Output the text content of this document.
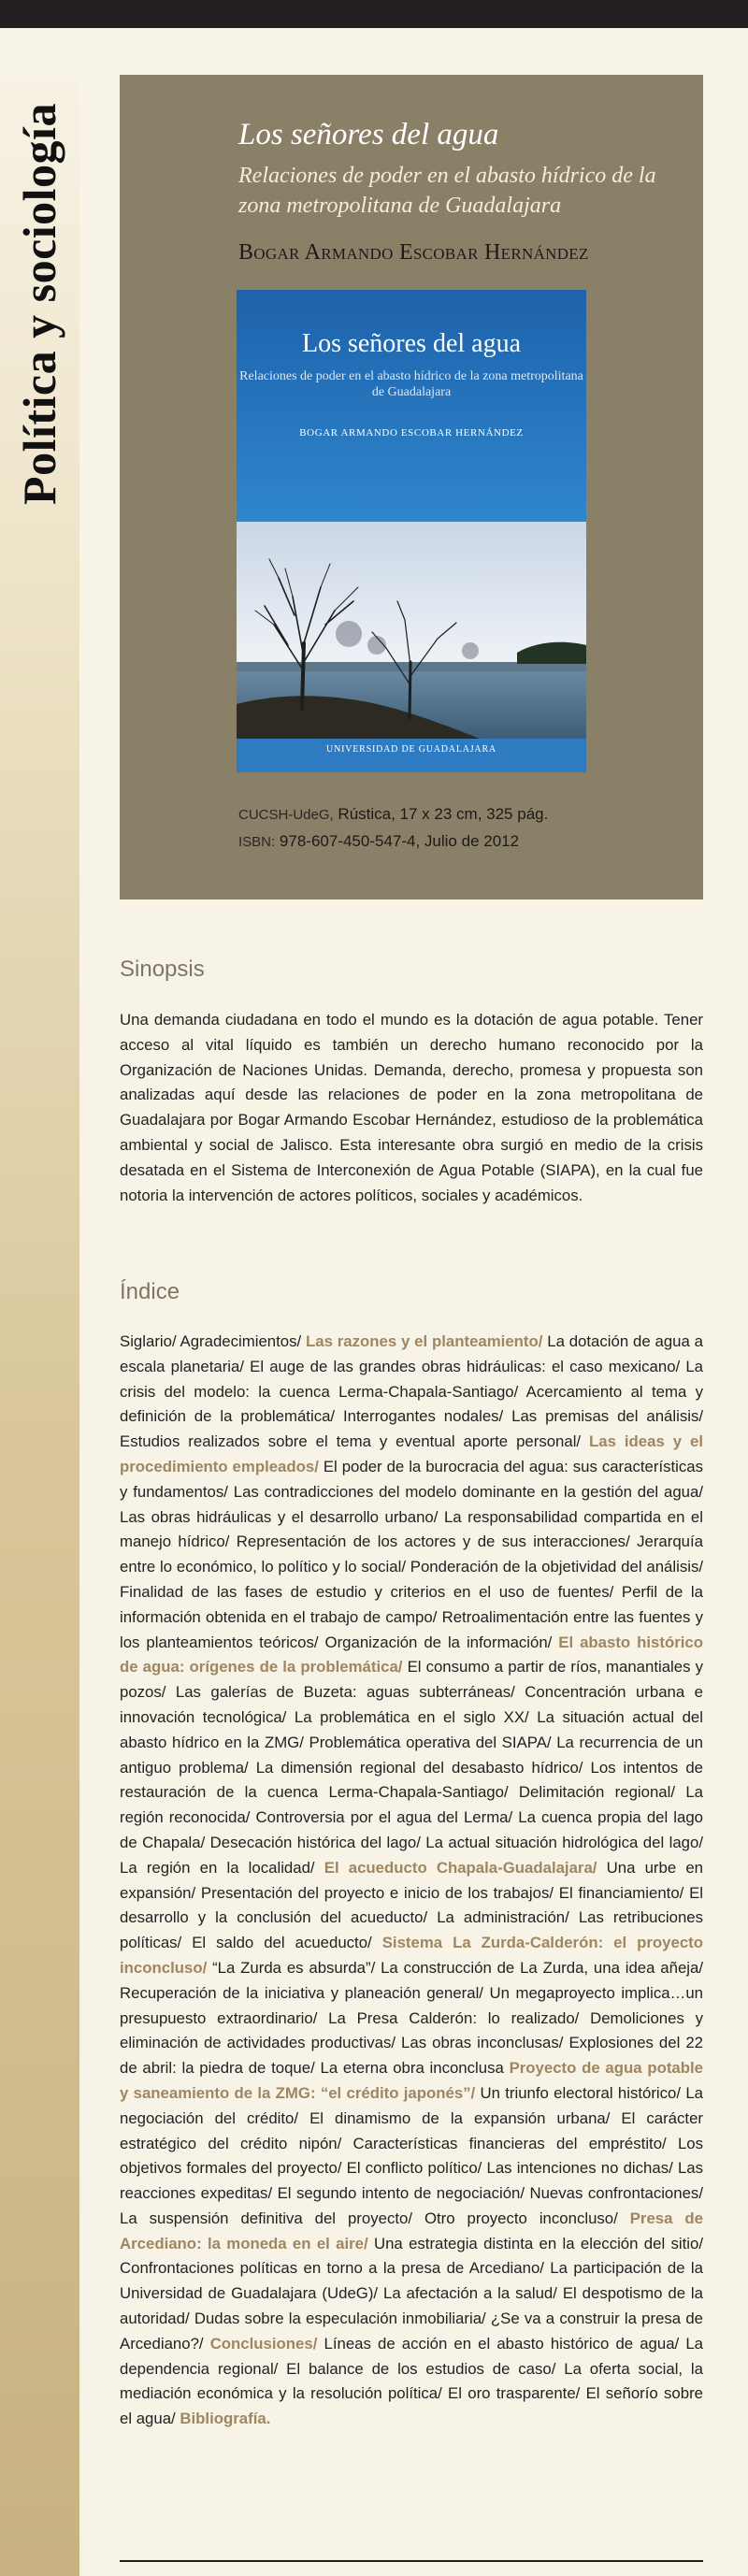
Política y sociología	Los señores del agua
Relaciones de poder en el abasto hídrico de la zona metropolitana de Guadalajara
Bogar Armando Escobar Hernández
Los señores del agua
Relaciones de poder en el abasto hídrico de la zona metropolitana de Guadalajara
BOGAR ARMANDO ESCOBAR HERNÁNDEZ
UNIVERSIDAD DE GUADALAJARA
CUCSH-UdeG, Rústica, 17 x 23 cm, 325 pág.
ISBN: 978-607-450-547-4, Julio de 2012
Sinopsis
Una demanda ciudadana en todo el mundo es la dotación de agua potable. Tener acceso al vital líquido es también un derecho humano reconocido por la Organización de Naciones Unidas. Demanda, derecho, promesa y propuesta son analizadas aquí desde las relaciones de poder en la zona metropolitana de Guadalajara por Bogar Armando Escobar Hernández, estudioso de la problemática ambiental y social de Jalisco. Esta interesante obra surgió en medio de la crisis desatada en el Sistema de Interconexión de Agua Potable (SIAPA), en la cual fue notoria la intervención de actores políticos, sociales y académicos.
Índice
Siglario/ Agradecimientos/ Las razones y el planteamiento/ La dotación de agua a escala planetaria/ El auge de las grandes obras hidráulicas: el caso mexicano/ La crisis del modelo: la cuenca Lerma-Chapala-Santiago/ Acercamiento al tema y definición de la problemática/ Interrogantes nodales/ Las premisas del análisis/ Estudios realizados sobre el tema y eventual aporte personal/ Las ideas y el procedimiento empleados/ El poder de la burocracia del agua: sus características y fundamentos/ Las contradicciones del modelo dominante en la gestión del agua/ Las obras hidráulicas y el desarrollo urbano/ La responsabilidad compartida en el manejo hídrico/ Representación de los actores y de sus interacciones/ Jerarquía entre lo económico, lo político y lo social/ Ponderación de la objetividad del análisis/ Finalidad de las fases de estudio y criterios en el uso de fuentes/ Perfil de la información obtenida en el trabajo de campo/ Retroalimentación entre las fuentes y los planteamientos teóricos/ Organización de la información/ El abasto histórico de agua: orígenes de la problemática/ El consumo a partir de ríos, manantiales y pozos/ Las galerías de Buzeta: aguas subterráneas/ Concentración urbana e innovación tecnológica/ La problemática en el siglo XX/ La situación actual del abasto hídrico en la ZMG/ Problemática operativa del SIAPA/ La recurrencia de un antiguo problema/ La dimensión regional del desabasto hídrico/ Los intentos de restauración de la cuenca Lerma-Chapala-Santiago/ Delimitación regional/ La región reconocida/ Controversia por el agua del Lerma/ La cuenca propia del lago de Chapala/ Desecación histórica del lago/ La actual situación hidrológica del lago/ La región en la localidad/ El acueducto Chapala-Guadalajara/ Una urbe en expansión/ Presentación del proyecto e inicio de los trabajos/ El financiamiento/ El desarrollo y la conclusión del acueducto/ La administración/ Las retribuciones políticas/ El saldo del acueducto/ Sistema La Zurda-Calderón: el proyecto inconcluso/ “La Zurda es absurda”/ La construcción de La Zurda, una idea añeja/ Recuperación de la iniciativa y planeación general/ Un megaproyecto implica…un presupuesto extraordinario/ La Presa Calderón: lo realizado/ Demoliciones y eliminación de actividades productivas/ Las obras inconclusas/ Explosiones del 22 de abril: la piedra de toque/ La eterna obra inconclusa Proyecto de agua potable y saneamiento de la ZMG: “el crédito japonés”/ Un triunfo electoral histórico/ La negociación del crédito/ El dinamismo de la expansión urbana/ El carácter estratégico del crédito nipón/ Características financieras del empréstito/ Los objetivos formales del proyecto/ El conflicto político/ Las intenciones no dichas/ Las reacciones expeditas/ El segundo intento de negociación/ Nuevas confrontaciones/ La suspensión definitiva del proyecto/ Otro proyecto inconcluso/ Presa de Arcediano: la moneda en el aire/ Una estrategia distinta en la elección del sitio/ Confrontaciones políticas en torno a la presa de Arcediano/ La participación de la Universidad de Guadalajara (UdeG)/ La afectación a la salud/ El despotismo de la autoridad/ Dudas sobre la especulación inmobiliaria/ ¿Se va a construir la presa de Arcediano?/ Conclusiones/ Líneas de acción en el abasto histórico de agua/ La dependencia regional/ El balance de los estudios de caso/ La oferta social, la mediación económica y la resolución política/ El oro trasparente/ El señorío sobre el agua/ Bibliografía.
